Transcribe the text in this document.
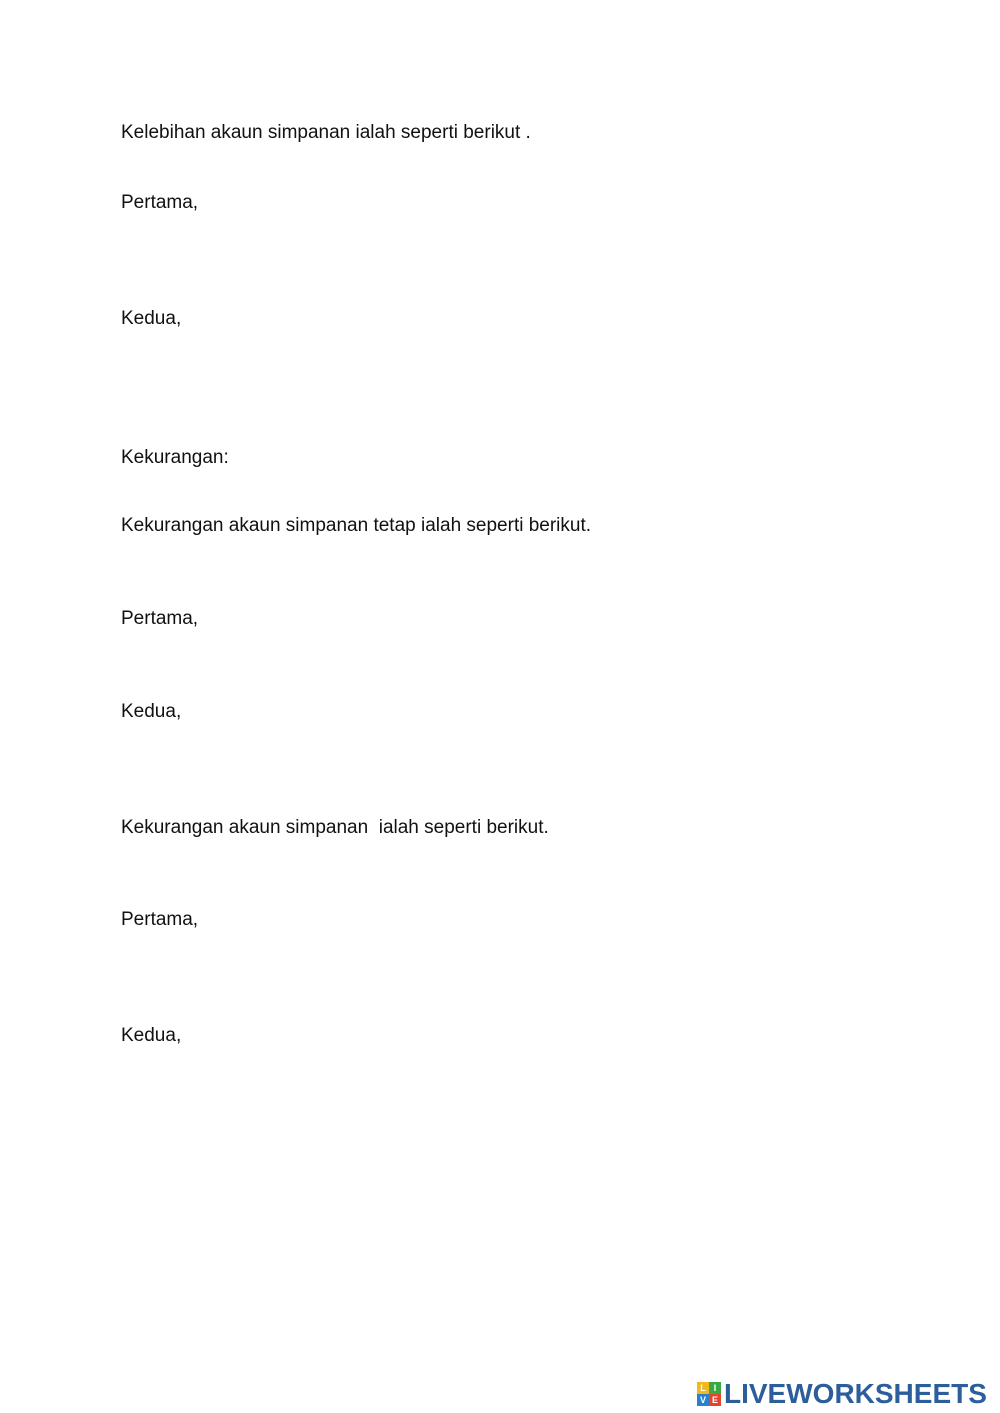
Kelebihan akaun simpanan ialah seperti berikut .
Pertama,
Kedua,
Kekurangan:
Kekurangan akaun simpanan tetap ialah seperti berikut.
Pertama,
Kedua,
Kekurangan akaun simpanan  ialah seperti berikut.
Pertama,
Kedua,
L I
V E LIVEWORKSHEETS
